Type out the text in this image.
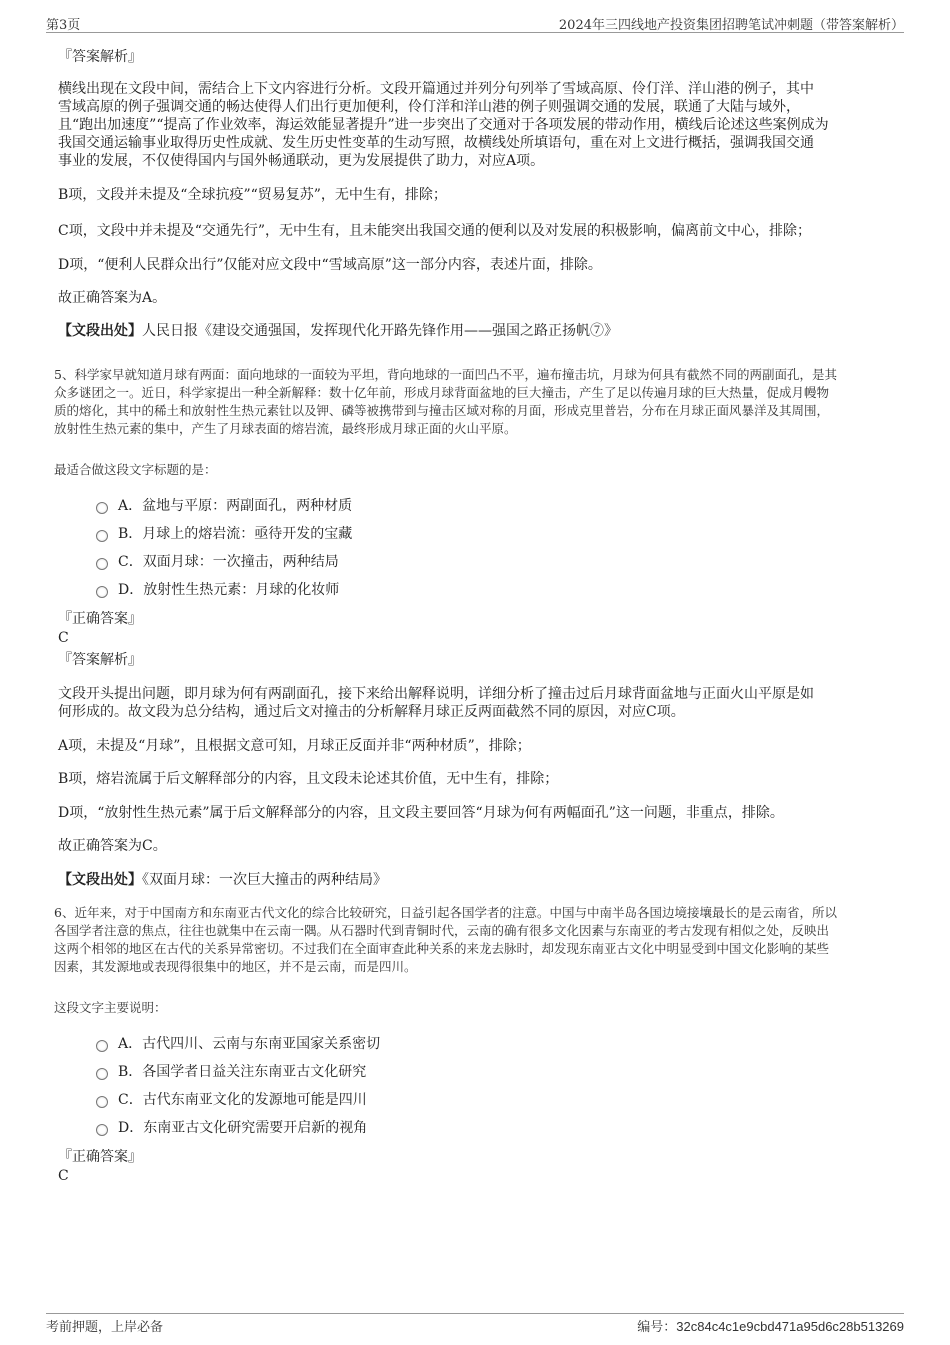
第3页	2024年三四线地产投资集团招聘笔试冲刺题（带答案解析）
『答案解析』
横线出现在文段中间，需结合上下文内容进行分析。文段开篇通过并列分句列举了雪域高原、伶仃洋、洋山港的例子，其中
雪域高原的例子强调交通的畅达使得人们出行更加便利，伶仃洋和洋山港的例子则强调交通的发展，联通了大陆与域外，
且“跑出加速度”“提高了作业效率，海运效能显著提升”进一步突出了交通对于各项发展的带动作用，横线后论述这些案例成为
我国交通运输事业取得历史性成就、发生历史性变革的生动写照，故横线处所填语句，重在对上文进行概括，强调我国交通
事业的发展，不仅使得国内与国外畅通联动，更为发展提供了助力，对应A项。
B项，文段并未提及“全球抗疫”“贸易复苏”，无中生有，排除；
C项，文段中并未提及“交通先行”，无中生有，且未能突出我国交通的便利以及对发展的积极影响，偏离前文中心，排除；
D项，“便利人民群众出行”仅能对应文段中“雪域高原”这一部分内容，表述片面，排除。
故正确答案为A。
【文段出处】人民日报《建设交通强国，发挥现代化开路先锋作用——强国之路正扬帆⑦》
5、科学家早就知道月球有两面：面向地球的一面较为平坦，背向地球的一面凹凸不平，遍布撞击坑，月球为何具有截然不同的两副面孔，是其
众多谜团之一。近日，科学家提出一种全新解释：数十亿年前，形成月球背面盆地的巨大撞击，产生了足以传遍月球的巨大热量，促成月幔物
质的熔化，其中的稀土和放射性生热元素钍以及钾、磷等被携带到与撞击区域对称的月面，形成克里普岩，分布在月球正面风暴洋及其周围，
放射性生热元素的集中，产生了月球表面的熔岩流，最终形成月球正面的火山平原。
最适合做这段文字标题的是：
A．盆地与平原：两副面孔，两种材质
B．月球上的熔岩流：亟待开发的宝藏
C．双面月球：一次撞击，两种结局
D．放射性生热元素：月球的化妆师
『正确答案』
C
『答案解析』
文段开头提出问题，即月球为何有两副面孔，接下来给出解释说明，详细分析了撞击过后月球背面盆地与正面火山平原是如
何形成的。故文段为总分结构，通过后文对撞击的分析解释月球正反两面截然不同的原因，对应C项。
A项，未提及“月球”，且根据文意可知，月球正反面并非“两种材质”，排除；
B项，熔岩流属于后文解释部分的内容，且文段未论述其价值，无中生有，排除；
D项，“放射性生热元素”属于后文解释部分的内容，且文段主要回答“月球为何有两幅面孔”这一问题，非重点，排除。
故正确答案为C。
【文段出处】《双面月球：一次巨大撞击的两种结局》
6、近年来，对于中国南方和东南亚古代文化的综合比较研究，日益引起各国学者的注意。中国与中南半岛各国边境接壤最长的是云南省，所以
各国学者注意的焦点，往往也就集中在云南一隅。从石器时代到青铜时代，云南的确有很多文化因素与东南亚的考古发现有相似之处，反映出
这两个相邻的地区在古代的关系异常密切。不过我们在全面审查此种关系的来龙去脉时，却发现东南亚古文化中明显受到中国文化影响的某些
因素，其发源地或表现得很集中的地区，并不是云南，而是四川。
这段文字主要说明：
A．古代四川、云南与东南亚国家关系密切
B．各国学者日益关注东南亚古文化研究
C．古代东南亚文化的发源地可能是四川
D．东南亚古文化研究需要开启新的视角
『正确答案』
C
考前押题，上岸必备	编号：32c84c4c1e9cbd471a95d6c28b513269
